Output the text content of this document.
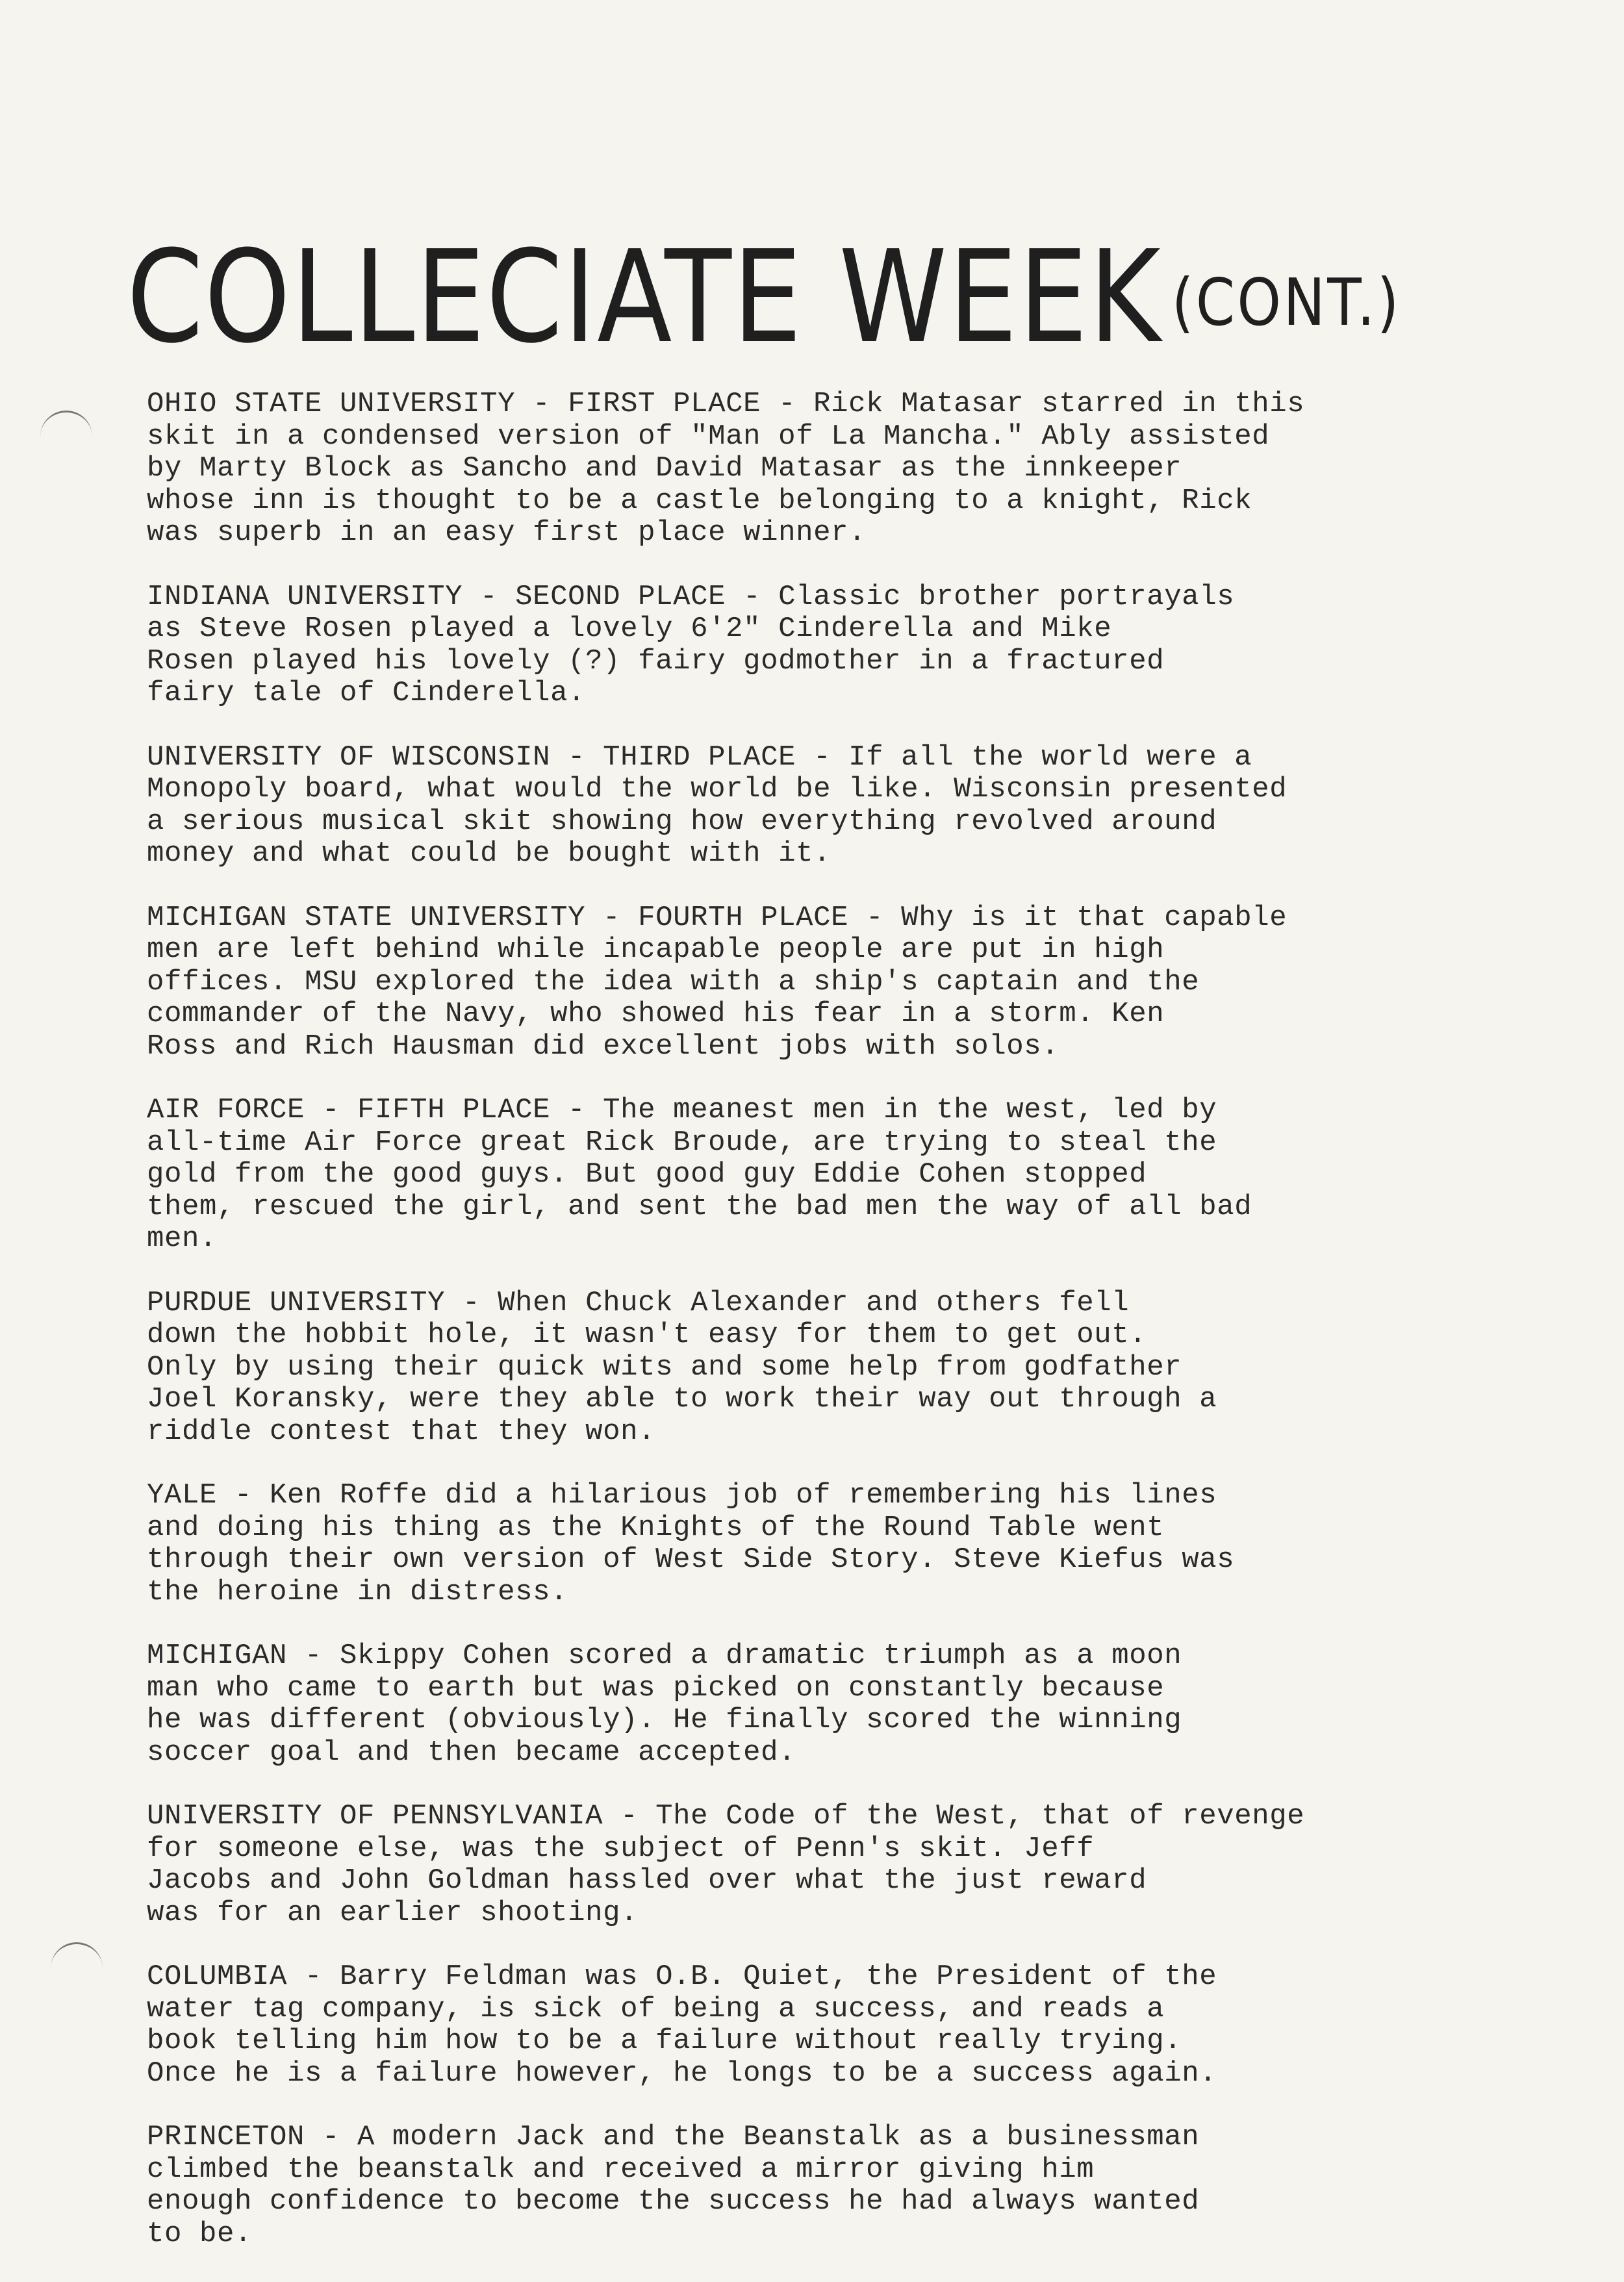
COLLECIATE WEEK (CONT.)

OHIO STATE UNIVERSITY - FIRST PLACE - Rick Matasar starred in this
skit in a condensed version of "Man of La Mancha." Ably assisted
by Marty Block as Sancho and David Matasar as the innkeeper
whose inn is thought to be a castle belonging to a knight, Rick
was superb in an easy first place winner.

INDIANA UNIVERSITY - SECOND PLACE - Classic brother portrayals
as Steve Rosen played a lovely 6'2" Cinderella and Mike
Rosen played his lovely (?) fairy godmother in a fractured
fairy tale of Cinderella.

UNIVERSITY OF WISCONSIN - THIRD PLACE - If all the world were a
Monopoly board, what would the world be like. Wisconsin presented
a serious musical skit showing how everything revolved around
money and what could be bought with it.

MICHIGAN STATE UNIVERSITY - FOURTH PLACE - Why is it that capable
men are left behind while incapable people are put in high
offices. MSU explored the idea with a ship's captain and the
commander of the Navy, who showed his fear in a storm. Ken
Ross and Rich Hausman did excellent jobs with solos.

AIR FORCE - FIFTH PLACE - The meanest men in the west, led by
all-time Air Force great Rick Broude, are trying to steal the
gold from the good guys. But good guy Eddie Cohen stopped
them, rescued the girl, and sent the bad men the way of all bad
men.

PURDUE UNIVERSITY - When Chuck Alexander and others fell
down the hobbit hole, it wasn't easy for them to get out.
Only by using their quick wits and some help from godfather
Joel Koransky, were they able to work their way out through a
riddle contest that they won.

YALE - Ken Roffe did a hilarious job of remembering his lines
and doing his thing as the Knights of the Round Table went
through their own version of West Side Story. Steve Kiefus was
the heroine in distress.

MICHIGAN - Skippy Cohen scored a dramatic triumph as a moon
man who came to earth but was picked on constantly because
he was different (obviously). He finally scored the winning
soccer goal and then became accepted.

UNIVERSITY OF PENNSYLVANIA - The Code of the West, that of revenge
for someone else, was the subject of Penn's skit. Jeff
Jacobs and John Goldman hassled over what the just reward
was for an earlier shooting.

COLUMBIA - Barry Feldman was O.B. Quiet, the President of the
water tag company, is sick of being a success, and reads a
book telling him how to be a failure without really trying.
Once he is a failure however, he longs to be a success again.

PRINCETON - A modern Jack and the Beanstalk as a businessman
climbed the beanstalk and received a mirror giving him
enough confidence to become the success he had always wanted
to be.
